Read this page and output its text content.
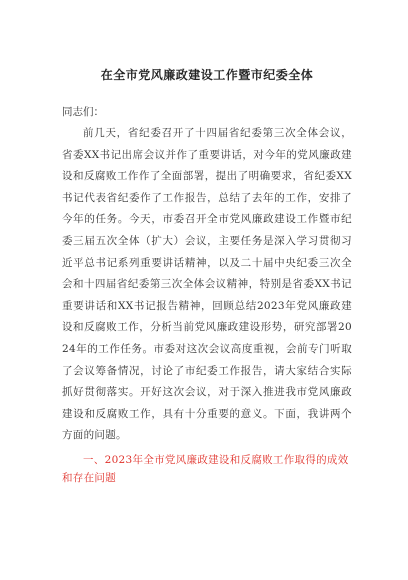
在全市党风廉政建设工作暨市纪委全体

同志们：

前几天，省纪委召开了十四届省纪委第三次全体会议，省委XX书记出席会议并作了重要讲话，对今年的党风廉政建设和反腐败工作作了全面部署，提出了明确要求，省纪委XX书记代表省纪委作了工作报告，总结了去年的工作，安排了今年的任务。今天，市委召开全市党风廉政建设工作暨市纪委三届五次全体（扩大）会议，主要任务是深入学习贯彻习近平总书记系列重要讲话精神，以及二十届中央纪委三次全会和十四届省纪委第三次全体会议精神，特别是省委XX书记重要讲话和XX书记报告精神，回顾总结2023年党风廉政建设和反腐败工作，分析当前党风廉政建设形势，研究部署2024年的工作任务。市委对这次会议高度重视，会前专门听取了会议筹备情况，讨论了市纪委工作报告，请大家结合实际抓好贯彻落实。开好这次会议，对于深入推进我市党风廉政建设和反腐败工作，具有十分重要的意义。下面，我讲两个方面的问题。

一、2023年全市党风廉政建设和反腐败工作取得的成效和存在问题
